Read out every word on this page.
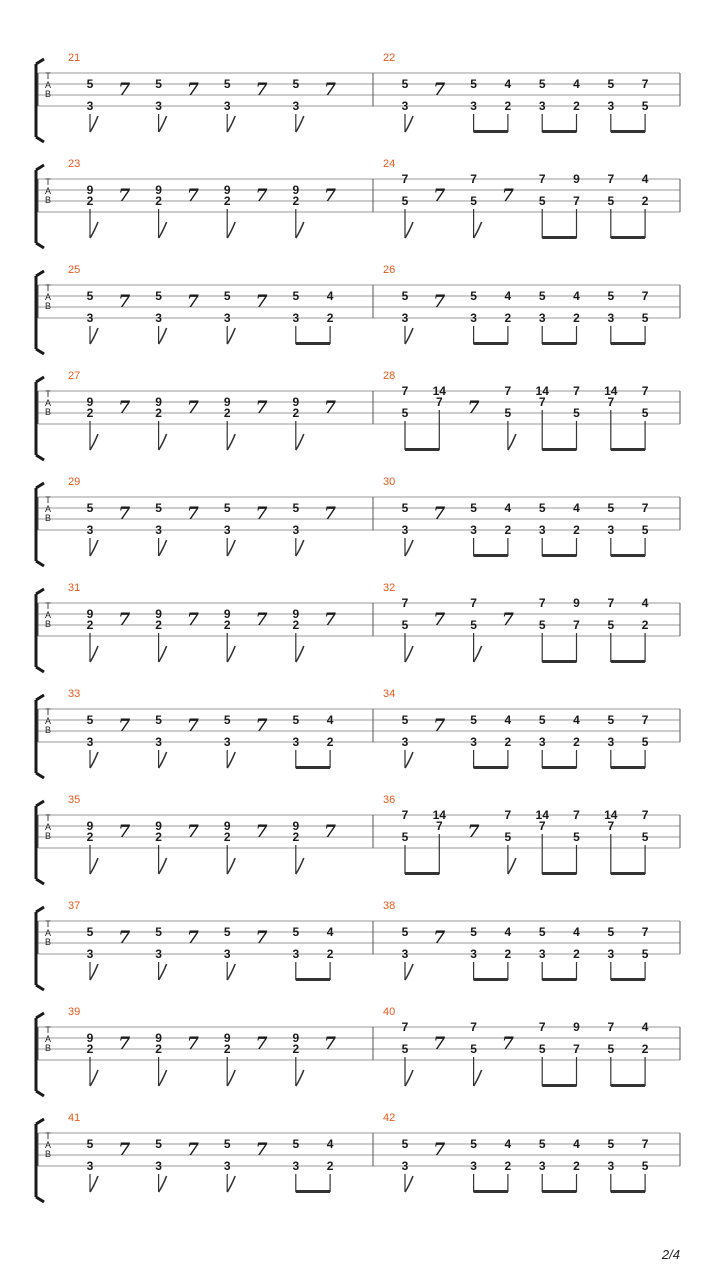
T
A
B
21
5
3
7 5
3
7 5
3
7 5
3
7
22
5
3
7 5
3
4
2
5
3
4
2
5
3
7
5
T
A
B
23
9
2 7 9
2 7 9
2 7 9
2 7
24
7
5 7
7
5 7
7
5
9
7
7
5
4
2
T
A
B
25
5
3
7 5
3
7 5
3
7 5
3
4
2
26
5
3
7 5
3
4
2
5
3
4
2
5
3
7
5
T
A
B
27
9
2 7 9
2 7 9
2 7 9
2 7
28
7
5
14
7 7
7
5
14
7
7
5
14
7
7
5
T
A
B
29
5
3
7 5
3
7 5
3
7 5
3
7
30
5
3
7 5
3
4
2
5
3
4
2
5
3
7
5
T
A
B
31
9
2 7 9
2 7 9
2 7 9
2 7
32
7
5 7
7
5 7
7
5
9
7
7
5
4
2
T
A
B
33
5
3
7 5
3
7 5
3
7 5
3
4
2
34
5
3
7 5
3
4
2
5
3
4
2
5
3
7
5
T
A
B
35
9
2 7 9
2 7 9
2 7 9
2 7
36
7
5
14
7 7
7
5
14
7
7
5
14
7
7
5
T
A
B
37
5
3
7 5
3
7 5
3
7 5
3
4
2
38
5
3
7 5
3
4
2
5
3
4
2
5
3
7
5
T
A
B
39
9
2 7 9
2 7 9
2 7 9
2 7
40
7
5 7
7
5 7
7
5
9
7
7
5
4
2
T
A
B
41
5
3
7 5
3
7 5
3
7 5
3
4
2
42
5
3
7 5
3
4
2
5
3
4
2
5
3
7
5
2/4
